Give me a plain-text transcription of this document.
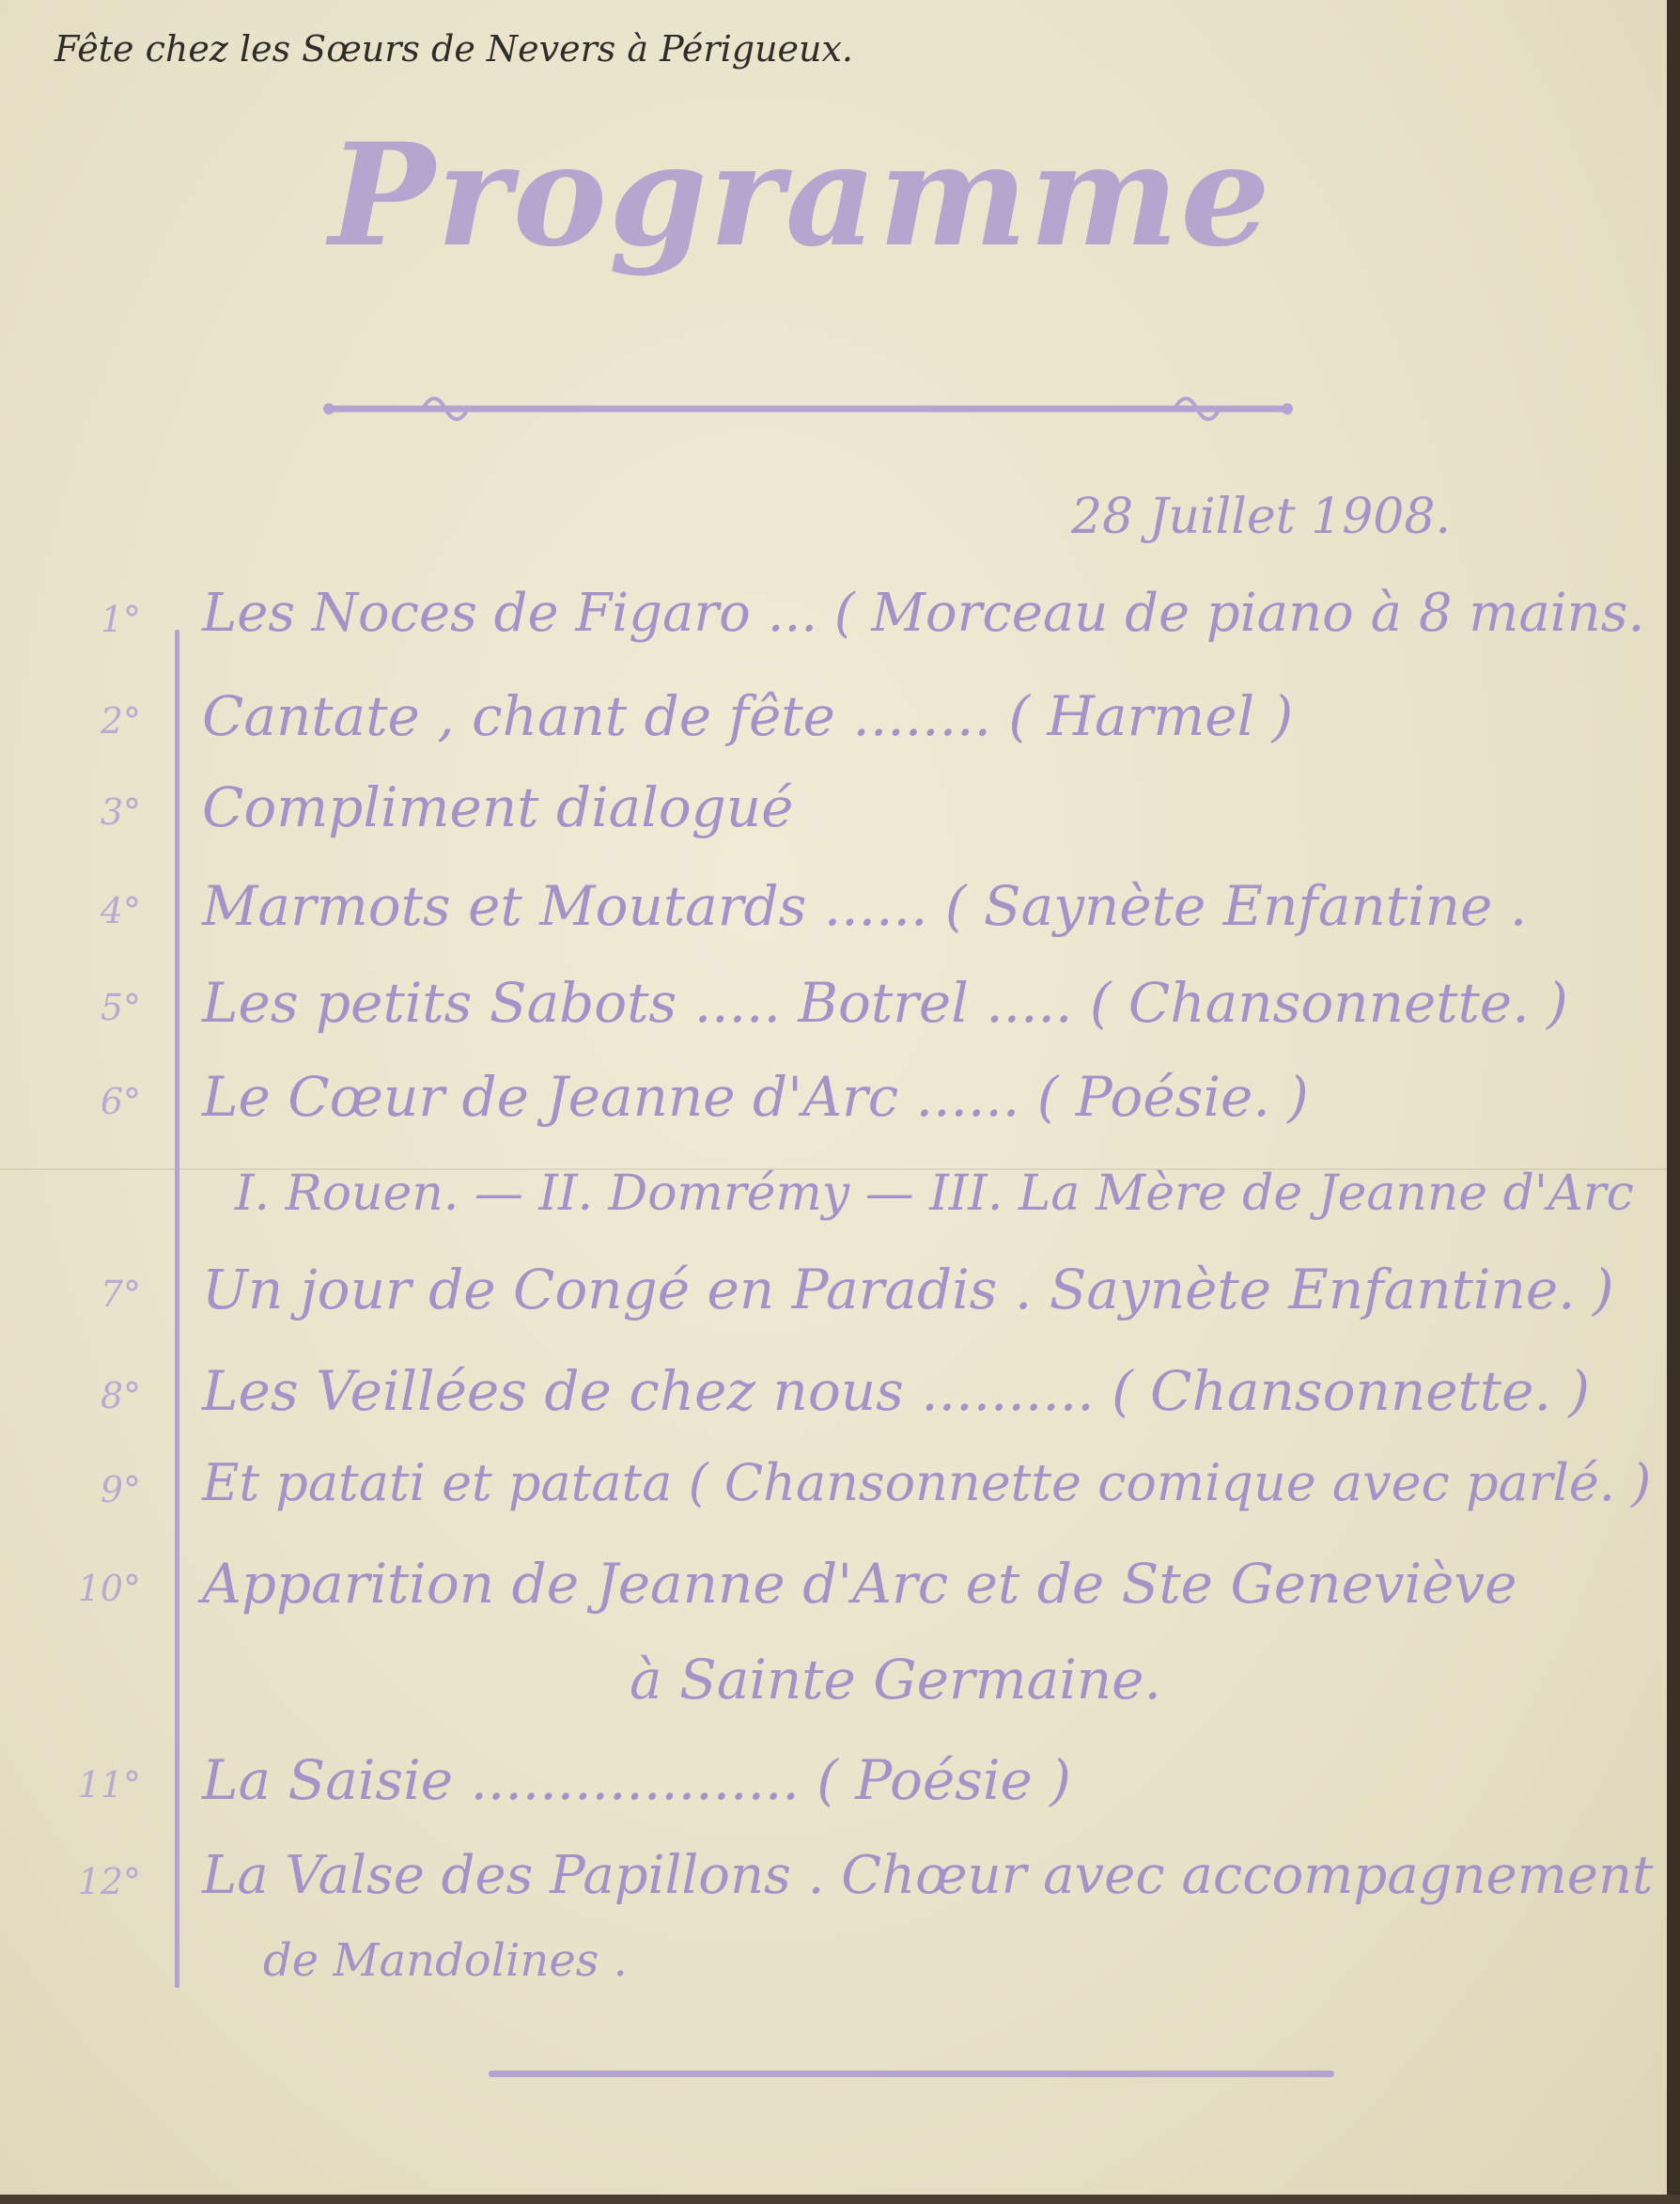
Fête chez les Sœurs de Nevers à Périgueux.
Programme
28 Juillet 1908.
1° Les Noces de Figaro ... ( Morceau de piano à 8 mains.
2° Cantate , chant de fête ........ ( Harmel )
3° Compliment dialogué
4° Marmots et Moutards ...... ( Saynète Enfantine .
5° Les petits Sabots ..... Botrel ..... ( Chansonnette. )
6° Le Cœur de Jeanne d'Arc ...... ( Poésie. )
I. Rouen. — II. Domrémy — III. La Mère de Jeanne d'Arc
7° Un jour de Congé en Paradis . Saynète Enfantine. )
8° Les Veillées de chez nous .......... ( Chansonnette. )
9° Et patati et patata ( Chansonnette comique avec parlé. )
10° Apparition de Jeanne d'Arc et de Ste Geneviève
à Sainte Germaine.
11° La Saisie ................... ( Poésie )
12° La Valse des Papillons . Chœur avec accompagnement
de Mandolines .
